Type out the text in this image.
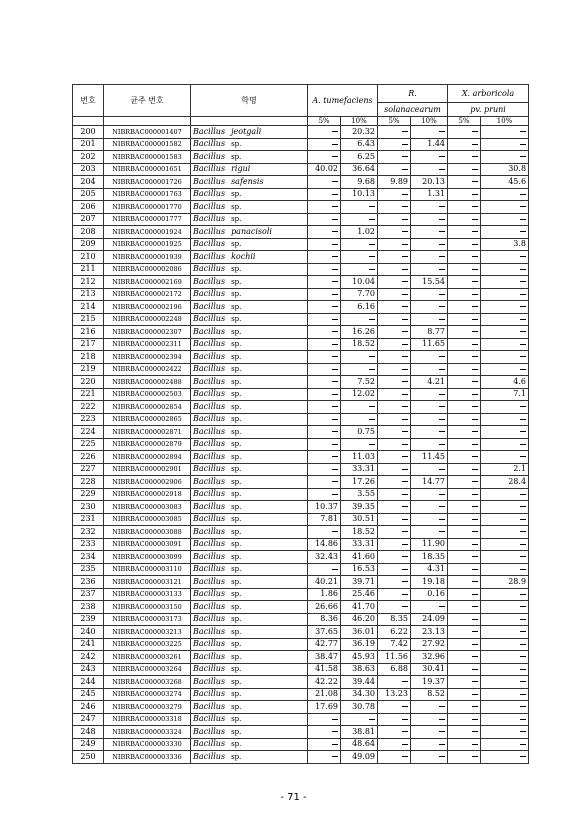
번호	균주 번호	학명	A. tumefaciens		R.		X. arboricola	
					solanacearum		pv. pruni	
			5%	10%	5%	10%	5%	10%
200	NIBRBAC000001407	Bacillus jeotgali		20.32				
201	NIBRBAC000001582	Bacillus sp.		6.43		1.44		
202	NIBRBAC000001583	Bacillus sp.		6.25				
203	NIBRBAC000001651	Bacillus rigui	40.02	36.64				30.8
204	NIBRBAC000001726	Bacillus safensis		9.68	9.89	20.13		45.6
205	NIBRBAC000001763	Bacillus sp.		10.13		1.31		
206	NIBRBAC000001770	Bacillus sp.						
207	NIBRBAC000001777	Bacillus sp.						
208	NIBRBAC000001924	Bacillus panacisoli		1.02				
209	NIBRBAC000001925	Bacillus sp.						3.8
210	NIBRBAC000001939	Bacillus kochii						
211	NIBRBAC000002086	Bacillus sp.						
212	NIBRBAC000002169	Bacillus sp.		10.04		15.54		
213	NIBRBAC000002172	Bacillus sp.		7.70				
214	NIBRBAC000002196	Bacillus sp.		6.16				
215	NIBRBAC000002248	Bacillus sp.						
216	NIBRBAC000002307	Bacillus sp.		16.26		8.77		
217	NIBRBAC000002311	Bacillus sp.		18.52		11.65		
218	NIBRBAC000002394	Bacillus sp.						
219	NIBRBAC000002422	Bacillus sp.						
220	NIBRBAC000002488	Bacillus sp.		7.52		4.21		4.6
221	NIBRBAC000002503	Bacillus sp.		12.02				7.1
222	NIBRBAC000002854	Bacillus sp.						
223	NIBRBAC000002865	Bacillus sp.						
224	NIBRBAC000002871	Bacillus sp.		0.75				
225	NIBRBAC000002879	Bacillus sp.						
226	NIBRBAC000002894	Bacillus sp.		11.03		11.45		
227	NIBRBAC000002901	Bacillus sp.		33.31				2.1
228	NIBRBAC000002906	Bacillus sp.		17.26		14.77		28.4
229	NIBRBAC000002918	Bacillus sp.		3.55				
230	NIBRBAC000003083	Bacillus sp.	10.37	39.35				
231	NIBRBAC000003085	Bacillus sp.	7.81	30.51				
232	NIBRBAC000003088	Bacillus sp.		18.52				
233	NIBRBAC000003091	Bacillus sp.	14.86	33.31		11.90		
234	NIBRBAC000003099	Bacillus sp.	32.43	41.60		18.35		
235	NIBRBAC000003110	Bacillus sp.		16.53		4.31		
236	NIBRBAC000003121	Bacillus sp.	40.21	39.71		19.18		28.9
237	NIBRBAC000003133	Bacillus sp.	1.86	25.46		0.16		
238	NIBRBAC000003150	Bacillus sp.	26.66	41.70				
239	NIBRBAC000003173	Bacillus sp.	8.36	46.20	8.35	24.09		
240	NIBRBAC000003213	Bacillus sp.	37.65	36.01	6.22	23.13		
241	NIBRBAC000003225	Bacillus sp.	42.77	36.19	7.42	27.92		
242	NIBRBAC000003261	Bacillus sp.	38.47	45.93	11.56	32.96		
243	NIBRBAC000003264	Bacillus sp.	41.58	38.63	6.88	30.41		
244	NIBRBAC000003268	Bacillus sp.	42.22	39.44		19.37		
245	NIBRBAC000003274	Bacillus sp.	21.08	34.30	13.23	8.52		
246	NIBRBAC000003279	Bacillus sp.	17.69	30.78				
247	NIBRBAC000003318	Bacillus sp.						
248	NIBRBAC000003324	Bacillus sp.		38.81				
249	NIBRBAC000003330	Bacillus sp.		48.64				
250	NIBRBAC000003336	Bacillus sp.		49.09				
- 71 -
